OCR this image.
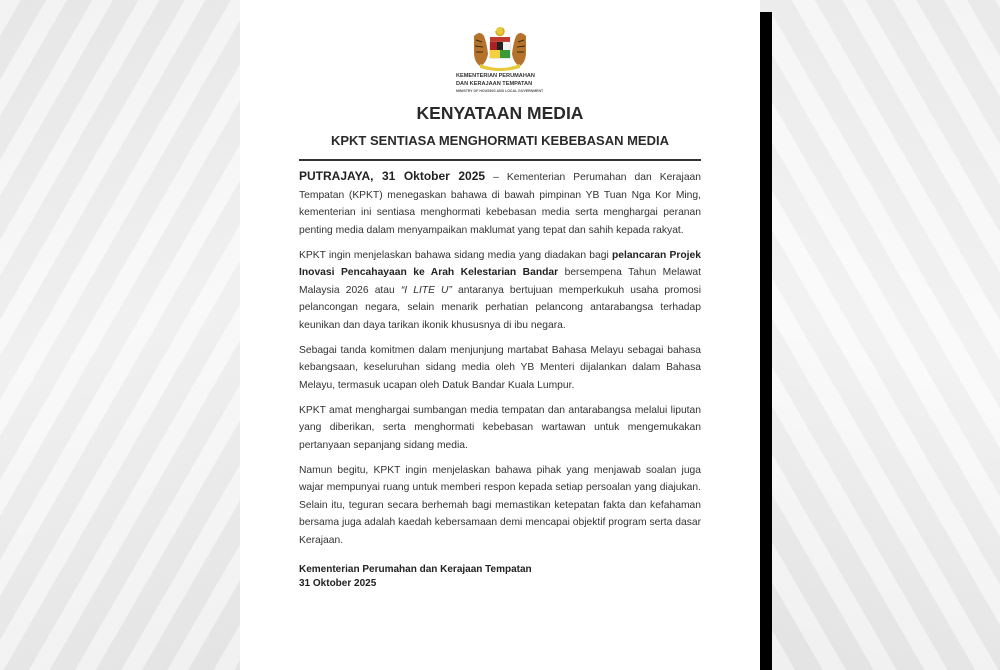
KEMENTERIAN PERUMAHAN
DAN KERAJAAN TEMPATAN
MINISTRY OF HOUSING AND LOCAL GOVERNMENT
KENYATAAN MEDIA
KPKT SENTIASA MENGHORMATI KEBEBASAN MEDIA

PUTRAJAYA, 31 Oktober 2025 – Kementerian Perumahan dan Kerajaan Tempatan (KPKT) menegaskan bahawa di bawah pimpinan YB Tuan Nga Kor Ming, kementerian ini sentiasa menghormati kebebasan media serta menghargai peranan penting media dalam menyampaikan maklumat yang tepat dan sahih kepada rakyat.

KPKT ingin menjelaskan bahawa sidang media yang diadakan bagi pelancaran Projek Inovasi Pencahayaan ke Arah Kelestarian Bandar bersempena Tahun Melawat Malaysia 2026 atau “I LITE U” antaranya bertujuan memperkukuh usaha promosi pelancongan negara, selain menarik perhatian pelancong antarabangsa terhadap keunikan dan daya tarikan ikonik khususnya di ibu negara.

Sebagai tanda komitmen dalam menjunjung martabat Bahasa Melayu sebagai bahasa kebangsaan, keseluruhan sidang media oleh YB Menteri dijalankan dalam Bahasa Melayu, termasuk ucapan oleh Datuk Bandar Kuala Lumpur.

KPKT amat menghargai sumbangan media tempatan dan antarabangsa melalui liputan yang diberikan, serta menghormati kebebasan wartawan untuk mengemukakan pertanyaan sepanjang sidang media.

Namun begitu, KPKT ingin menjelaskan bahawa pihak yang menjawab soalan juga wajar mempunyai ruang untuk memberi respon kepada setiap persoalan yang diajukan. Selain itu, teguran secara berhemah bagi memastikan ketepatan fakta dan kefahaman bersama juga adalah kaedah kebersamaan demi mencapai objektif program serta dasar Kerajaan.

Kementerian Perumahan dan Kerajaan Tempatan
31 Oktober 2025
